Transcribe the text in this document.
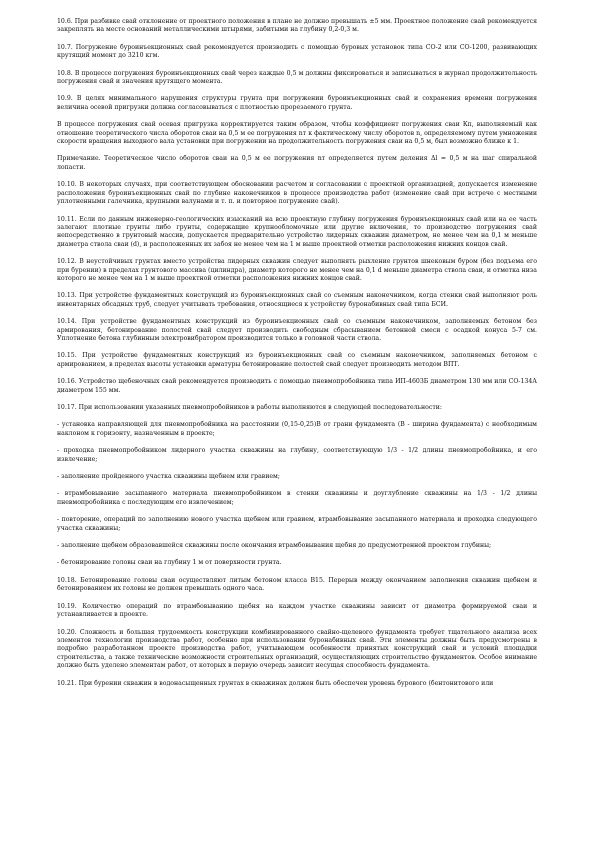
10.6. При разбивке свай отклонение от проектного положения в плане не должно превышать ±5 мм. Проектное положение свай рекомендуется закреплять на месте оснований металлическими штырями, забитыми на глубину 0,2-0,3 м.

10.7. Погружение буроинъекционных свай рекомендуется производить с помощью буровых установок типа СО-2 или СО-1200, развивающих крутящий момент до 3210 кгм.

10.8. В процессе погружения буроинъекционных свай через каждые 0,5 м должны фиксироваться и записываться в журнал продолжительность погружения свай и значения крутящего момента.

10.9. В целях минимального нарушения структуры грунта при погружении буроинъекционных свай и сохранения времени погружения величина осевой пригрузки должна согласовываться с плотностью прорезаемого грунта.

В процессе погружения свай осевая пригрузка корректируется таким образом, чтобы коэффициент погружения сваи Кп, выполняемый как отношение теоретического числа оборотов сваи на 0,5 м ее погружения nт к фактическому числу оборотов n, определяемому путем умножения скорости вращения выходного вала установки при погружении на продолжительность погружения сваи на 0,5 м, был возможно ближе к 1.

Примечание. Теоретическое число оборотов сваи на 0,5 м ее погружения nт определяется путем деления Δl = 0,5 м на шаг спиральной лопасти.

10.10. В некоторых случаях, при соответствующем обосновании расчетом и согласовании с проектной организацией, допускается изменение расположения буроинъекционных свай по глубине наконечников в процессе производства работ (изменение свай при встрече с местными уплотненными галечника, крупными валунами и т. п. и повторное погружение свай).

10.11. Если по данным инженерно-геологических изысканий на всю проектную глубину погружения буроинъекционных свай или на ее часть залегают плотные грунты либо грунты, содержащие крупнообломочные или другие включения, то производство погружения свай непосредственно в грунтовый массив, допускается предварительно устройство лидерных скважин диаметром, не менее чем на 0,1 м меньше диаметра ствола сваи (d), и расположенных их забоя не менее чем на 1 м выше проектной отметки расположения нижних концов свай.

10.12. В неустойчивых грунтах вместо устройства лидерных скважин следует выполнять рыхление грунтов шнековым буром (без подъема его при бурении) в пределах грунтового массива (цилиндра), диаметр которого не менее чем на 0,1 d меньше диаметра ствола сваи, и отметка низа которого не менее чем на 1 м выше проектной отметки расположения нижних концов свай.

10.13. При устройстве фундаментных конструкций из буроинъекционных свай со съемным наконечником, когда стенки свай выполняют роль инвентарных обсадных труб, следует учитывать требования, относящиеся к устройству буронабивных свай типа БСИ.

10.14. При устройстве фундаментных конструкций из буроинъекционных свай со съемным наконечником, заполняемых бетоном без армирования, бетонирование полостей свай следует производить свободным сбрасыванием бетонной смеси с осадкой конуса 5-7 см. Уплотнение бетона глубинным электровибратором производится только в головной части ствола.

10.15. При устройстве фундаментных конструкций из буроинъекционных свай со съемным наконечником, заполняемых бетоном с армированием, в пределах высоты установки арматуры бетонирование полостей свай следует производить методом ВПТ.

10.16. Устройство щебеночных свай рекомендуется производить с помощью пневмопробойника типа ИП-4603Б диаметром 130 мм или СО-134А диаметром 155 мм.

10.17. При использовании указанных пневмопробойников в работы выполняются в следующей последовательности:

- установка направляющей для пневмопробойника на расстоянии (0,15-0,25)В от грани фундамента (В - ширина фундамента) с необходимым наклоном к горизонту, назначенным в проекте;

- проходка пневмопробойником лидерного участка скважины на глубину, соответствующую 1/3 - 1/2 длины пневмопробойника, и его извлечение;

- заполнение пройденного участка скважины щебнем или гравием;

- втрамбовывание засыпанного материала пневмопробойником в стенки скважины и доуглубление скважины на 1/3 - 1/2 длины пневмопробойника с последующим его извлечением;

- повторение, операций по заполнению нового участка щебнем или гравием, втрамбовывание засыпанного материала и проходка следующего участка скважины;

- заполнение щебнем образовавшейся скважины после окончания втрамбовывания щебня до предусмотренной проектом глубины;

- бетонирование головы сваи на глубину 1 м от поверхности грунта.

10.18. Бетонирование головы сваи осуществляют литым бетоном класса В15. Перерыв между окончанием заполнения скважин щебнем и бетонированием их головы не должен превышать одного часа.

10.19. Количество операций по втрамбовыванию щебня на каждом участке скважины зависит от диаметра формируемой сваи и устанавливается в проекте.

10.20. Сложность и большая трудоемкость конструкции комбинированного свайно-щелевого фундамента требует тщательного анализа всех элементов технологии производства работ, особенно при использовании буронабивных свай. Эти элементы должны быть предусмотрены в подробно разработанном проекте производства работ, учитывающем особенности принятых конструкций свай и условий площадки строительства, а также технические возможности строительных организаций, осуществляющих строительство фундаментов. Особое внимание должно быть уделено элементам работ, от которых в первую очередь зависит несущая способность фундамента.

10.21. При бурении скважин в водонасыщенных грунтах в скважинах должен быть обеспечен уровень бурового (бентонитового или
